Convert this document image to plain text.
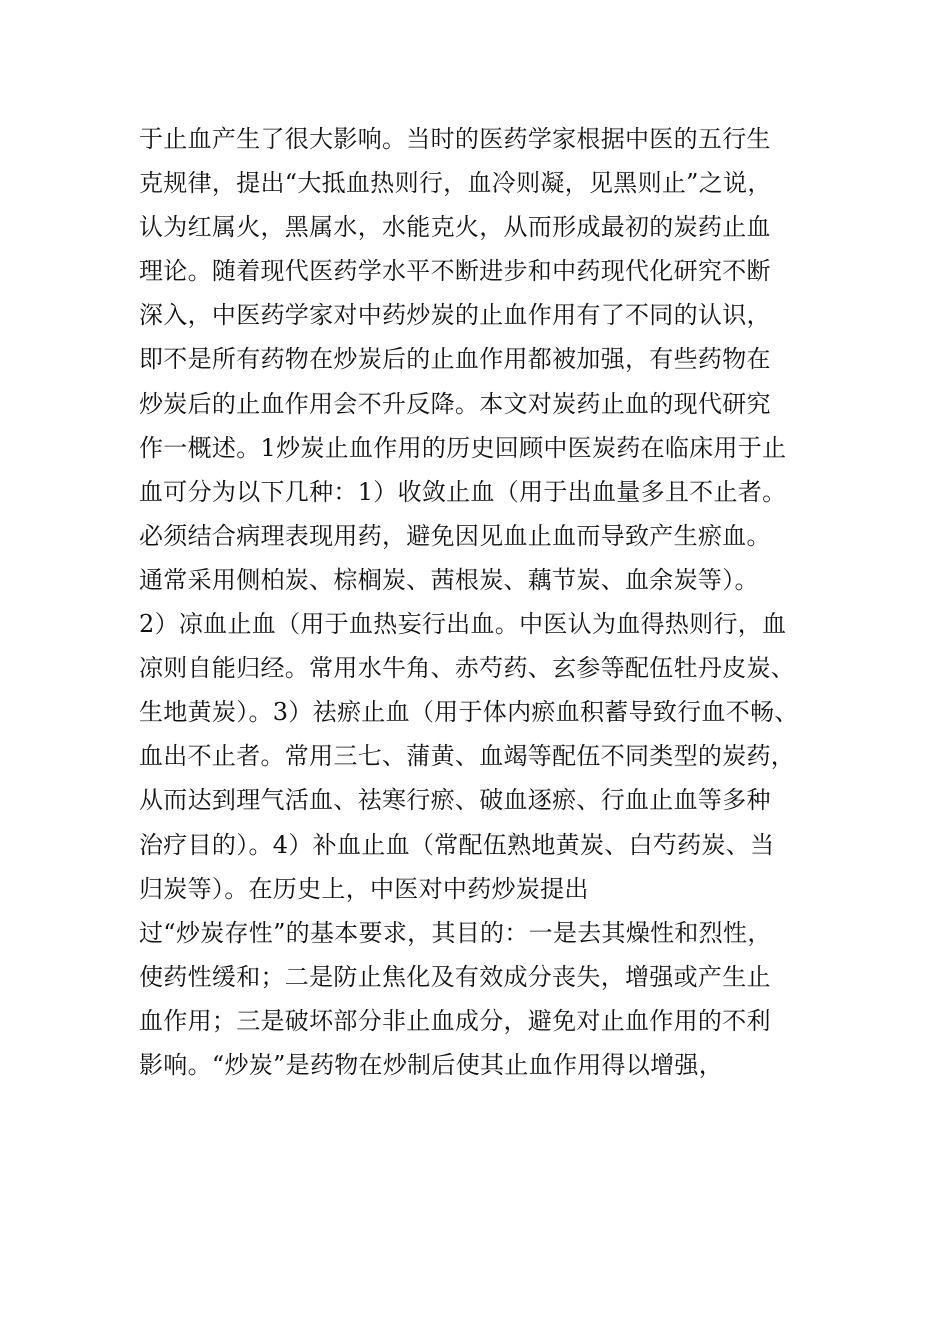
于止血产生了很大影响。当时的医药学家根据中医的五行生
克规律，提出“大抵血热则行，血冷则凝，见黑则止”之说，
认为红属火，黑属水，水能克火，从而形成最初的炭药止血
理论。随着现代医药学水平不断进步和中药现代化研究不断
深入，中医药学家对中药炒炭的止血作用有了不同的认识，
即不是所有药物在炒炭后的止血作用都被加强，有些药物在
炒炭后的止血作用会不升反降。本文对炭药止血的现代研究
作一概述。1炒炭止血作用的历史回顾中医炭药在临床用于止
血可分为以下几种：1）收敛止血（用于出血量多且不止者。
必须结合病理表现用药，避免因见血止血而导致产生瘀血。
通常采用侧柏炭、棕榈炭、茜根炭、藕节炭、血余炭等）。
2）凉血止血（用于血热妄行出血。中医认为血得热则行，血
凉则自能归经。常用水牛角、赤芍药、玄参等配伍牡丹皮炭、
生地黄炭）。3）祛瘀止血（用于体内瘀血积蓄导致行血不畅、
血出不止者。常用三七、蒲黄、血竭等配伍不同类型的炭药，
从而达到理气活血、祛寒行瘀、破血逐瘀、行血止血等多种
治疗目的）。4）补血止血（常配伍熟地黄炭、白芍药炭、当
归炭等）。在历史上，中医对中药炒炭提出
过“炒炭存性”的基本要求，其目的：一是去其燥性和烈性，
使药性缓和；二是防止焦化及有效成分丧失，增强或产生止
血作用；三是破坏部分非止血成分，避免对止血作用的不利
影响。“炒炭”是药物在炒制后使其止血作用得以增强，
